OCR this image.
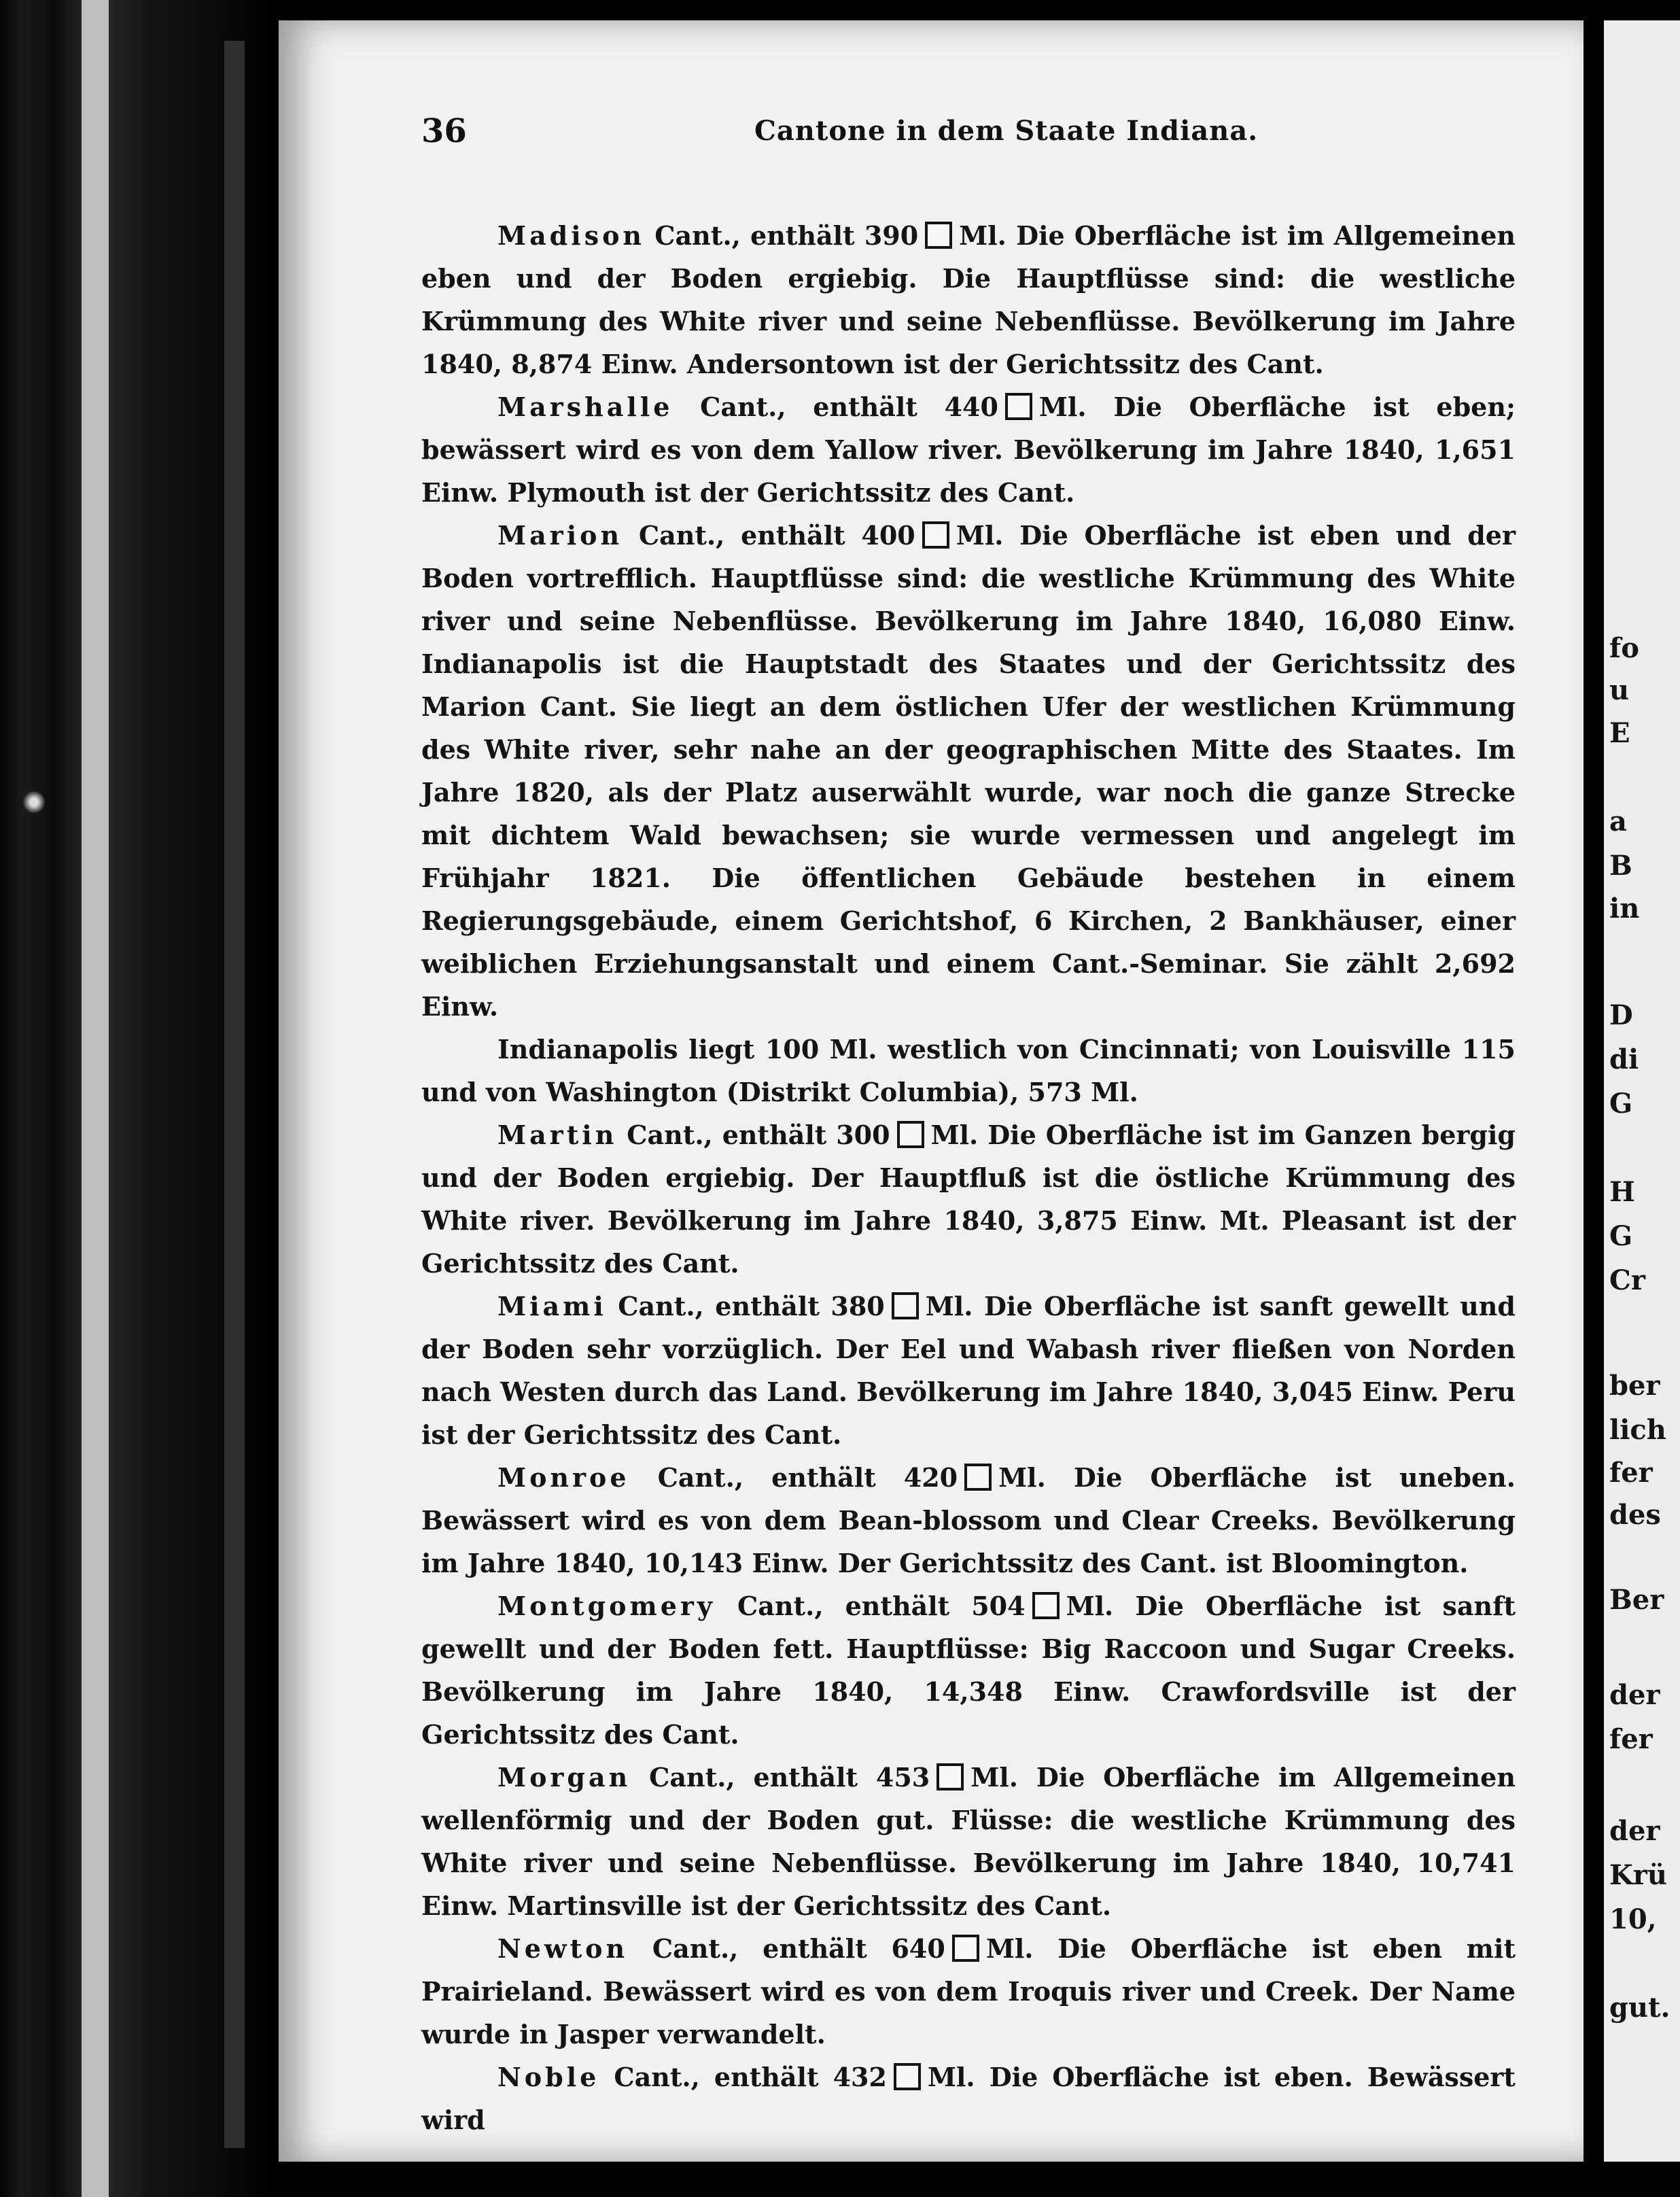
36	Cantone in dem Staate Indiana.

Madison Cant., enthält 390 Ml. Die Oberfläche ist im Allgemeinen eben und der Boden ergiebig. Die Hauptflüsse sind: die westliche Krümmung des White river und seine Nebenflüsse. Bevölkerung im Jahre 1840, 8,874 Einw. Andersontown ist der Gerichtssitz des Cant.

Marshalle Cant., enthält 440 Ml. Die Oberfläche ist eben; bewässert wird es von dem Yallow river. Bevölkerung im Jahre 1840, 1,651 Einw. Plymouth ist der Gerichtssitz des Cant.

Marion Cant., enthält 400 Ml. Die Oberfläche ist eben und der Boden vortrefflich. Hauptflüsse sind: die westliche Krümmung des White river und seine Nebenflüsse. Bevölkerung im Jahre 1840, 16,080 Einw. Indianapolis ist die Hauptstadt des Staates und der Gerichtssitz des Marion Cant. Sie liegt an dem östlichen Ufer der westlichen Krümmung des White river, sehr nahe an der geographischen Mitte des Staates. Im Jahre 1820, als der Platz auserwählt wurde, war noch die ganze Strecke mit dichtem Wald bewachsen; sie wurde vermessen und angelegt im Frühjahr 1821. Die öffentlichen Gebäude bestehen in einem Regierungsgebäude, einem Gerichtshof, 6 Kirchen, 2 Bankhäuser, einer weiblichen Erziehungsanstalt und einem Cant.-Seminar. Sie zählt 2,692 Einw.

Indianapolis liegt 100 Ml. westlich von Cincinnati; von Louisville 115 und von Washington (Distrikt Columbia), 573 Ml.

Martin Cant., enthält 300 Ml. Die Oberfläche ist im Ganzen bergig und der Boden ergiebig. Der Hauptfluß ist die östliche Krümmung des White river. Bevölkerung im Jahre 1840, 3,875 Einw. Mt. Pleasant ist der Gerichtssitz des Cant.

Miami Cant., enthält 380 Ml. Die Oberfläche ist sanft gewellt und der Boden sehr vorzüglich. Der Eel und Wabash river fließen von Norden nach Westen durch das Land. Bevölkerung im Jahre 1840, 3,045 Einw. Peru ist der Gerichtssitz des Cant.

Monroe Cant., enthält 420 Ml. Die Oberfläche ist uneben. Bewässert wird es von dem Bean-blossom und Clear Creeks. Bevölkerung im Jahre 1840, 10,143 Einw. Der Gerichtssitz des Cant. ist Bloomington.

Montgomery Cant., enthält 504 Ml. Die Oberfläche ist sanft gewellt und der Boden fett. Hauptflüsse: Big Raccoon und Sugar Creeks. Bevölkerung im Jahre 1840, 14,348 Einw. Crawfordsville ist der Gerichtssitz des Cant.

Morgan Cant., enthält 453 Ml. Die Oberfläche im Allgemeinen wellenförmig und der Boden gut. Flüsse: die westliche Krümmung des White river und seine Nebenflüsse. Bevölkerung im Jahre 1840, 10,741 Einw. Martinsville ist der Gerichtssitz des Cant.

Newton Cant., enthält 640 Ml. Die Oberfläche ist eben mit Prairieland. Bewässert wird es von dem Iroquis river und Creek. Der Name wurde in Jasper verwandelt.

Noble Cant., enthält 432 Ml. Die Oberfläche ist eben. Bewässert wird

fo
u
E
a
B
in
D
di
G
H
G
Cr
ber
lich
fer
des
Ber
der
fer
der
Krü
10,
gut.
